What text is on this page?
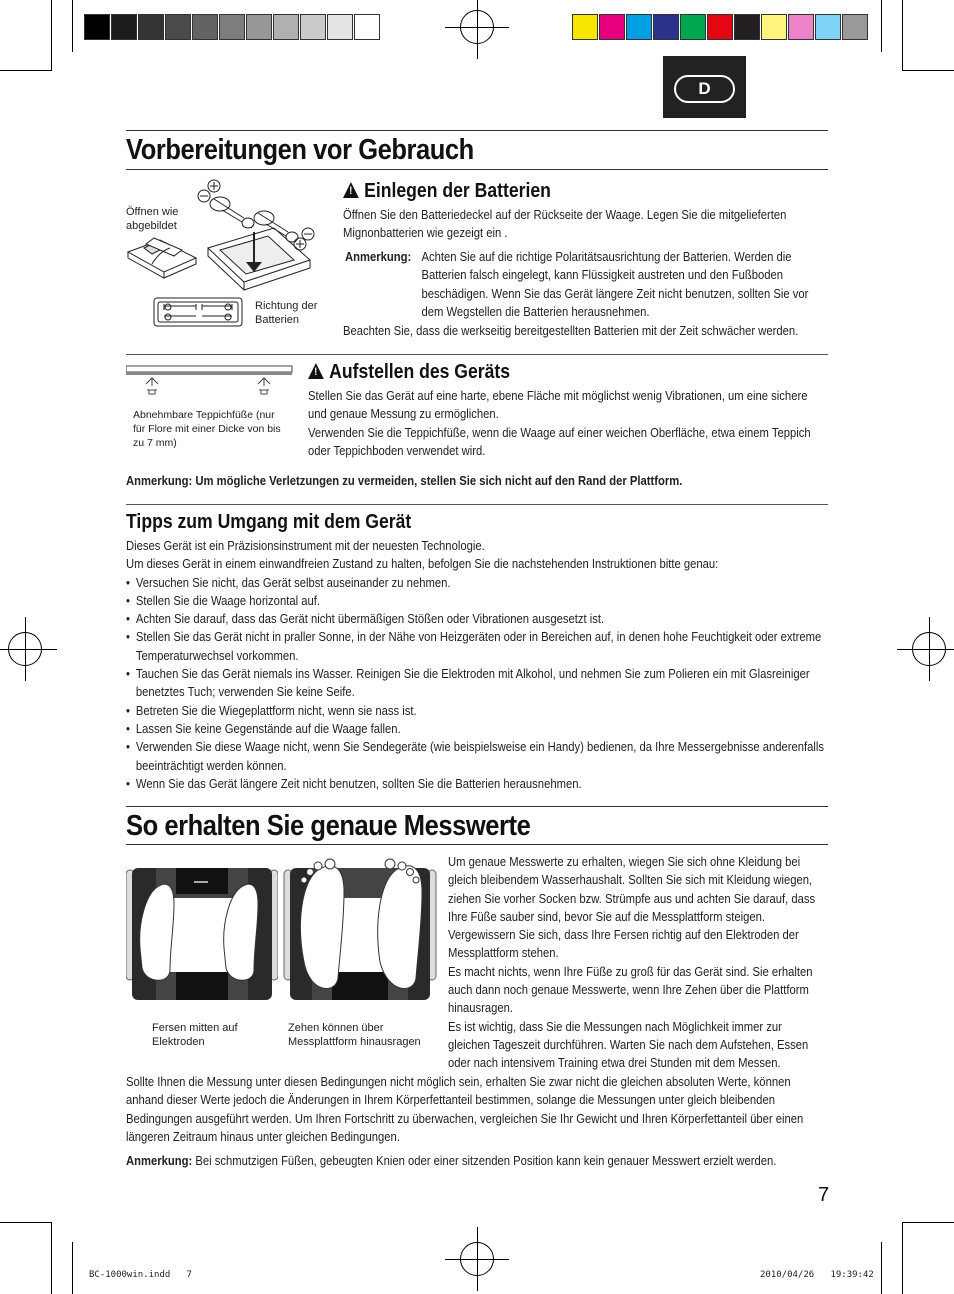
D
Vorbereitungen vor Gebrauch
Öffnen wie abgebildet
Richtung der Batterien
!Einlegen der Batterien
Öffnen Sie den Batteriedeckel auf der Rückseite der Waage. Legen Sie die mitgelieferten Mignonbatterien wie gezeigt ein .
Anmerkung: Achten Sie auf die richtige Polaritätsausrichtung der Batterien. Werden die Batterien falsch eingelegt, kann Flüssigkeit austreten und den Fußboden beschädigen. Wenn Sie das Gerät längere Zeit nicht benutzen, sollten Sie vor dem Wegstellen die Batterien herausnehmen.
Beachten Sie, dass die werkseitig bereitgestellten Batterien mit der Zeit schwächer werden.
Abnehmbare Teppichfüße (nur für Flore mit einer Dicke von bis zu 7 mm)
!Aufstellen des Geräts
Stellen Sie das Gerät auf eine harte, ebene Fläche mit möglichst wenig Vibrationen, um eine sichere und genaue Messung zu ermöglichen.
Verwenden Sie die Teppichfüße, wenn die Waage auf einer weichen Oberfläche, etwa einem Teppich oder Teppichboden verwendet wird.
Anmerkung: Um mögliche Verletzungen zu vermeiden, stellen Sie sich nicht auf den Rand der Plattform.
Tipps zum Umgang mit dem Gerät
Dieses Gerät ist ein Präzisionsinstrument mit der neuesten Technologie.
Um dieses Gerät in einem einwandfreien Zustand zu halten, befolgen Sie die nachstehenden Instruktionen bitte genau:
• Versuchen Sie nicht, das Gerät selbst auseinander zu nehmen.
• Stellen Sie die Waage horizontal auf.
• Achten Sie darauf, dass das Gerät nicht übermäßigen Stößen oder Vibrationen ausgesetzt ist.
• Stellen Sie das Gerät nicht in praller Sonne, in der Nähe von Heizgeräten oder in Bereichen auf, in denen hohe Feuchtigkeit oder extreme Temperaturwechsel vorkommen.
• Tauchen Sie das Gerät niemals ins Wasser. Reinigen Sie die Elektroden mit Alkohol, und nehmen Sie zum Polieren ein mit Glasreiniger benetztes Tuch; verwenden Sie keine Seife.
• Betreten Sie die Wiegeplattform nicht, wenn sie nass ist.
• Lassen Sie keine Gegenstände auf die Waage fallen.
• Verwenden Sie diese Waage nicht, wenn Sie Sendegeräte (wie beispielsweise ein Handy) bedienen, da Ihre Messergebnisse anderenfalls beeinträchtigt werden können.
• Wenn Sie das Gerät längere Zeit nicht benutzen, sollten Sie die Batterien herausnehmen.
So erhalten Sie genaue Messwerte
Fersen mitten auf Elektroden
Zehen können über Messplattform hinausragen
Um genaue Messwerte zu erhalten, wiegen Sie sich ohne Kleidung bei gleich bleibendem Wasserhaushalt. Sollten Sie sich mit Kleidung wiegen, ziehen Sie vorher Socken bzw. Strümpfe aus und achten Sie darauf, dass Ihre Füße sauber sind, bevor Sie auf die Messplattform steigen. Vergewissern Sie sich, dass Ihre Fersen richtig auf den Elektroden der Messplattform stehen.
Es macht nichts, wenn Ihre Füße zu groß für das Gerät sind. Sie erhalten auch dann noch genaue Messwerte, wenn Ihre Zehen über die Plattform hinausragen.
Es ist wichtig, dass Sie die Messungen nach Möglichkeit immer zur gleichen Tageszeit durchführen. Warten Sie nach dem Aufstehen, Essen oder nach intensivem Training etwa drei Stunden mit dem Messen.
Sollte Ihnen die Messung unter diesen Bedingungen nicht möglich sein, erhalten Sie zwar nicht die gleichen absoluten Werte, können anhand dieser Werte jedoch die Änderungen in Ihrem Körperfettanteil bestimmen, solange die Messungen unter gleich bleibenden Bedingungen ausgeführt werden. Um Ihren Fortschritt zu überwachen, vergleichen Sie Ihr Gewicht und Ihren Körperfettanteil über einen längeren Zeitraum hinaus unter gleichen Bedingungen.
Anmerkung: Bei schmutzigen Füßen, gebeugten Knien oder einer sitzenden Position kann kein genauer Messwert erzielt werden.
7
BC-1000win.indd   7	2010/04/26   19:39:42
